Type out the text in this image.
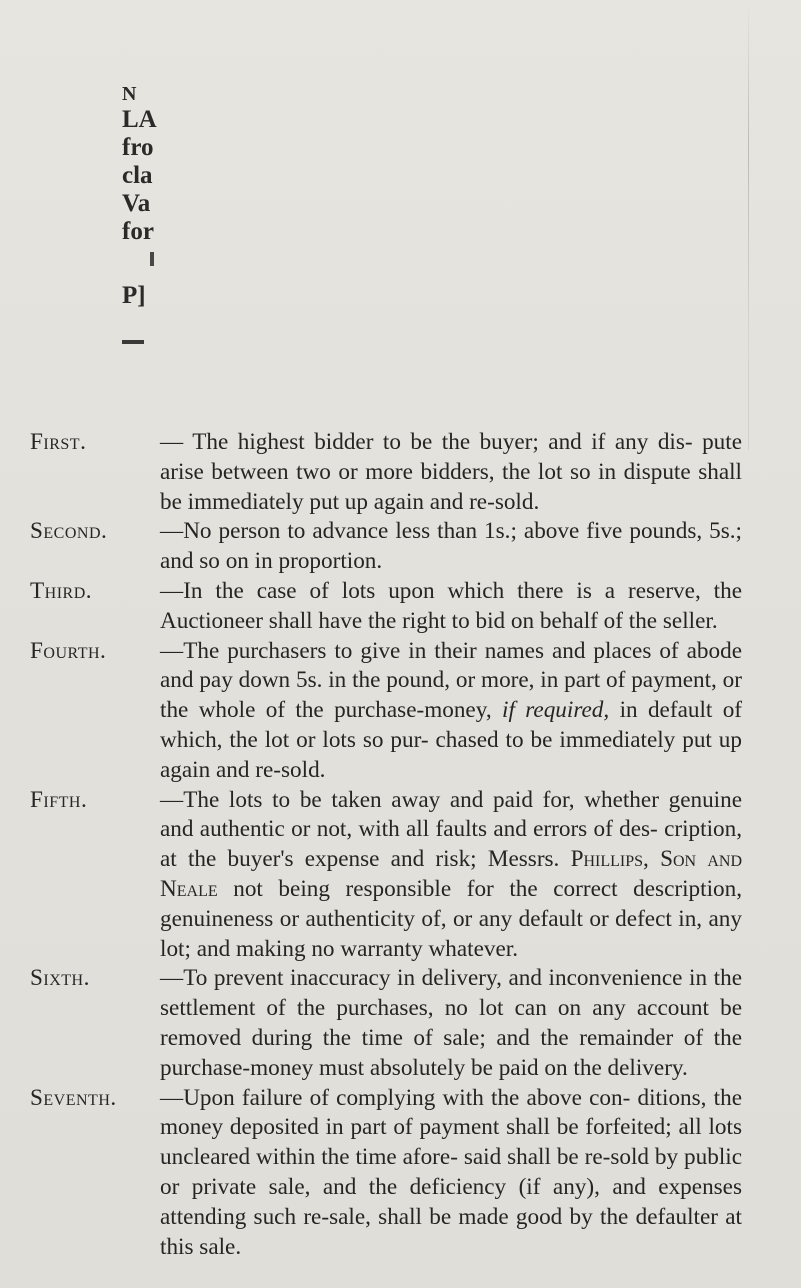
N
LA
fro
cla
Va
for
P]

First.	— The highest bidder to be the buyer; and if any dis- pute arise between two or more bidders, the lot so in dispute shall be immediately put up again and re-sold.

Second. —No person to advance less than 1s.; above five pounds, 5s.; and so on in proportion.

Third.	—In the case of lots upon which there is a reserve, the Auctioneer shall have the right to bid on behalf of the seller.

Fourth. —The purchasers to give in their names and places of abode and pay down 5s. in the pound, or more, in part of payment, or the whole of the purchase-money, if required, in default of which, the lot or lots so pur- chased to be immediately put up again and re-sold.

Fifth.	—The lots to be taken away and paid for, whether genuine and authentic or not, with all faults and errors of des- cription, at the buyer's expense and risk; Messrs. Phillips, Son and Neale not being responsible for the correct description, genuineness or authenticity of, or any default or defect in, any lot; and making no warranty whatever.

Sixth.	—To prevent inaccuracy in delivery, and inconvenience in the settlement of the purchases, no lot can on any account be removed during the time of sale; and the remainder of the purchase-money must absolutely be paid on the delivery.

Seventh. —Upon failure of complying with the above con- ditions, the money deposited in part of payment shall be forfeited; all lots uncleared within the time afore- said shall be re-sold by public or private sale, and the deficiency (if any), and expenses attending such re-sale, shall be made good by the defaulter at this sale.
